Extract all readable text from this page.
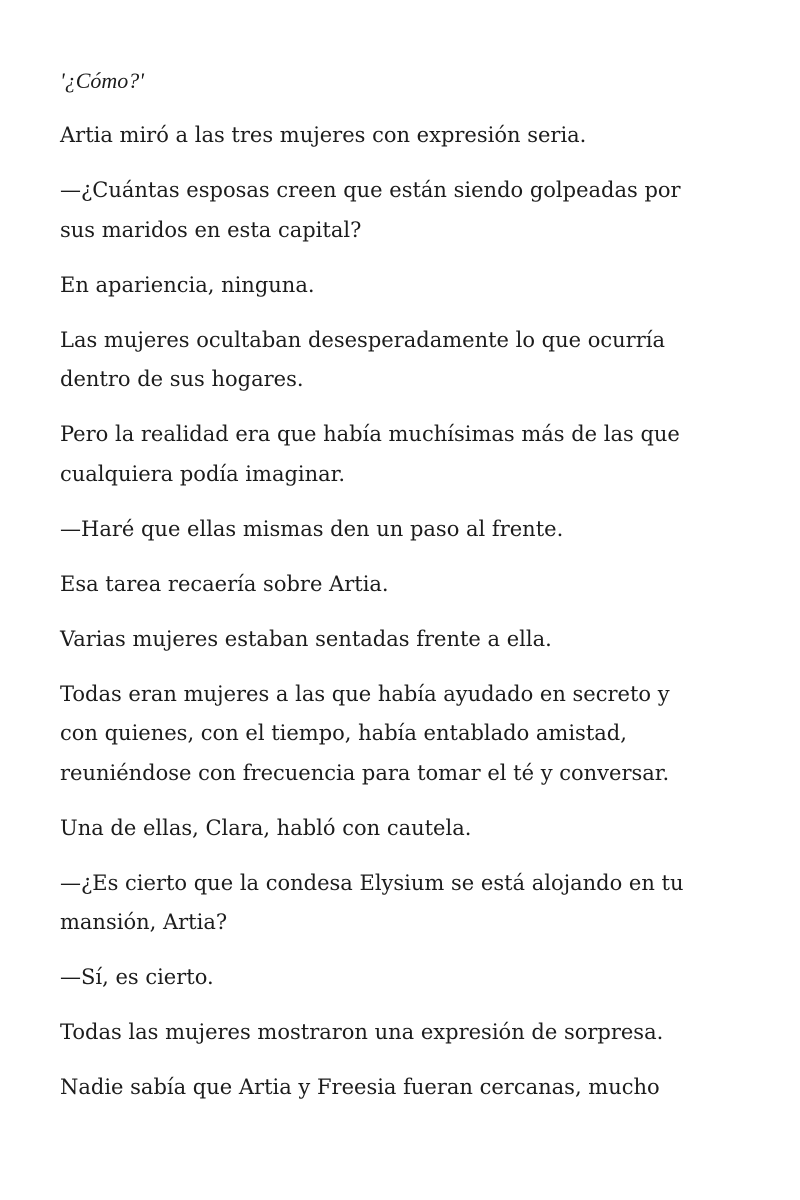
'¿Cómo?'

Artia miró a las tres mujeres con expresión seria.

—¿Cuántas esposas creen que están siendo golpeadas por
sus maridos en esta capital?

En apariencia, ninguna.

Las mujeres ocultaban desesperadamente lo que ocurría
dentro de sus hogares.

Pero la realidad era que había muchísimas más de las que
cualquiera podía imaginar.

—Haré que ellas mismas den un paso al frente.

Esa tarea recaería sobre Artia.

Varias mujeres estaban sentadas frente a ella.

Todas eran mujeres a las que había ayudado en secreto y
con quienes, con el tiempo, había entablado amistad,
reuniéndose con frecuencia para tomar el té y conversar.

Una de ellas, Clara, habló con cautela.

—¿Es cierto que la condesa Elysium se está alojando en tu
mansión, Artia?

—Sí, es cierto.

Todas las mujeres mostraron una expresión de sorpresa.

Nadie sabía que Artia y Freesia fueran cercanas, mucho
